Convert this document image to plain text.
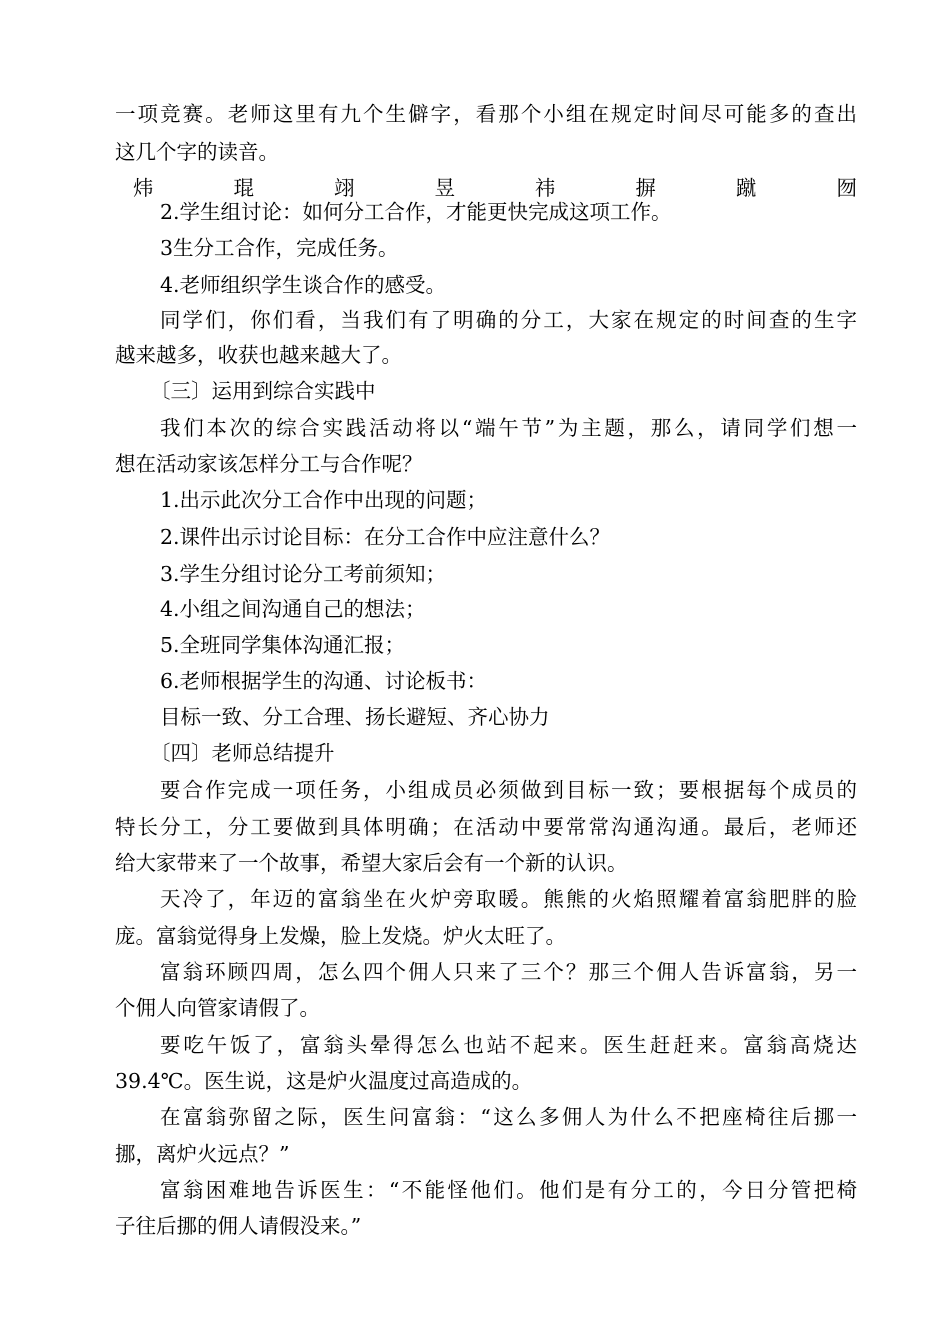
一项竞赛。老师这里有九个生僻字，看那个小组在规定时间尽可能多的查出
这几个字的读音。
炜	琨	翊	昱	祎	摒	蹴	囫
2.学生组讨论：如何分工合作，才能更快完成这项工作。
3生分工合作，完成任务。
4.老师组织学生谈合作的感受。
同学们，你们看，当我们有了明确的分工，大家在规定的时间查的生字
越来越多，收获也越来越大了。
〔三〕运用到综合实践中
我们本次的综合实践活动将以“端午节”为主题，那么，请同学们想一
想在活动家该怎样分工与合作呢？
1.出示此次分工合作中出现的问题；
2.课件出示讨论目标：在分工合作中应注意什么？
3.学生分组讨论分工考前须知；
4.小组之间沟通自己的想法；
5.全班同学集体沟通汇报；
6.老师根据学生的沟通、讨论板书：
目标一致、分工合理、扬长避短、齐心协力
〔四〕老师总结提升
要合作完成一项任务，小组成员必须做到目标一致；要根据每个成员的
特长分工，分工要做到具体明确；在活动中要常常沟通沟通。最后，老师还
给大家带来了一个故事，希望大家后会有一个新的认识。
天冷了，年迈的富翁坐在火炉旁取暖。熊熊的火焰照耀着富翁肥胖的脸
庞。富翁觉得身上发燥，脸上发烧。炉火太旺了。
富翁环顾四周，怎么四个佣人只来了三个？那三个佣人告诉富翁，另一
个佣人向管家请假了。
要吃午饭了，富翁头晕得怎么也站不起来。医生赶赶来。富翁高烧达
39.4℃。医生说，这是炉火温度过高造成的。
在富翁弥留之际，医生问富翁：“这么多佣人为什么不把座椅往后挪一
挪，离炉火远点？”
富翁困难地告诉医生：“不能怪他们。他们是有分工的，今日分管把椅
子往后挪的佣人请假没来。”
